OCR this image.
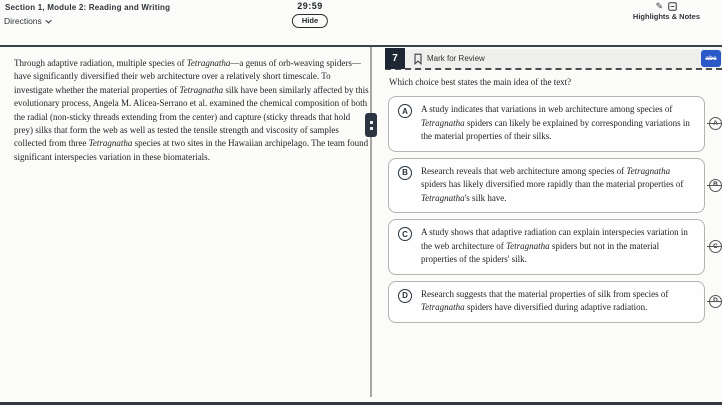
Section 1, Module 2: Reading and Writing
Directions
29:59
Hide
✎
Highlights & Notes
Through adaptive radiation, multiple species of Tetragnatha—a genus of orb-weaving spiders—have significantly diversified their web architecture over a relatively short timescale. To investigate whether the material properties of Tetragnatha silk have been similarly affected by this evolutionary process, Angela M. Alicea-Serrano et al. examined the chemical composition of both the radial (non-sticky threads extending from the center) and capture (sticky threads that hold prey) silks that form the web as well as tested the tensile strength and viscosity of samples collected from three Tetragnatha species at two sites in the Hawaiian archipelago. The team found significant interspecies variation in these biomaterials.
7	Mark for Review	abc
Which choice best states the main idea of the text?
A	A study indicates that variations in web architecture among species of Tetragnatha spiders can likely be explained by corresponding variations in the material properties of their silks.
A
B	Research reveals that web architecture among species of Tetragnatha spiders has likely diversified more rapidly than the material properties of Tetragnatha's silk have.
B
C	A study shows that adaptive radiation can explain interspecies variation in the web architecture of Tetragnatha spiders but not in the material properties of the spiders' silk.
C
D	Research suggests that the material properties of silk from species of Tetragnatha spiders have diversified during adaptive radiation.
D
